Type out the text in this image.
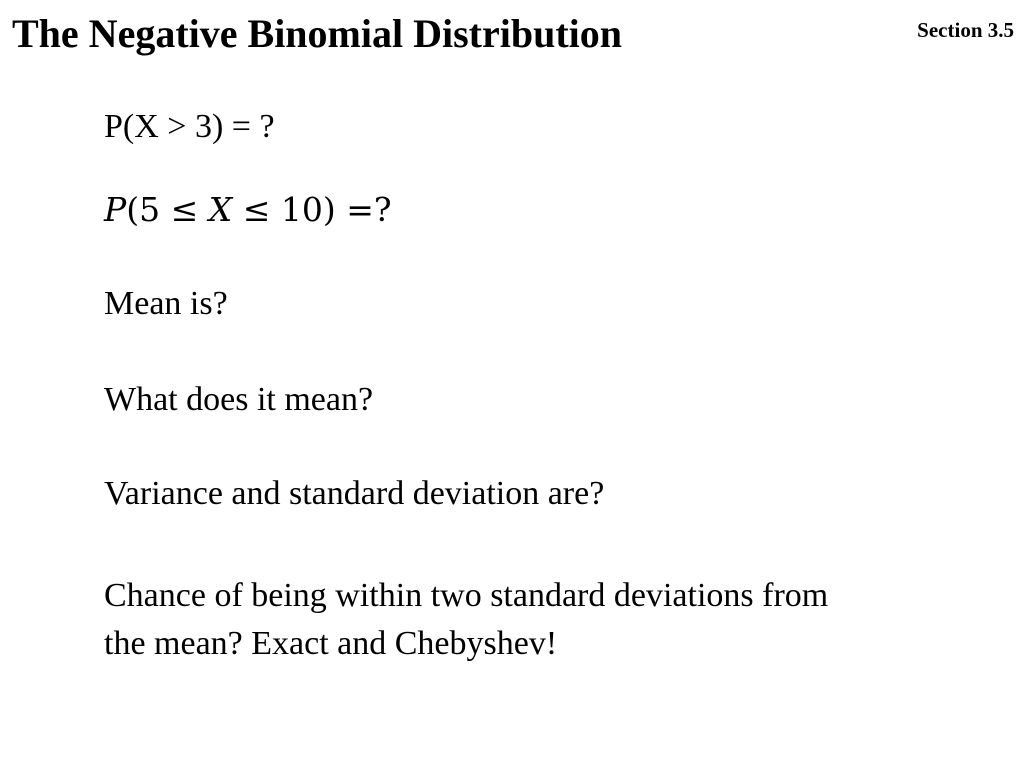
The Negative Binomial Distribution	Section 3.5
P(X > 3) = ?
P(5 ≤ X ≤ 10) =?
Mean is?
What does it mean?
Variance and standard deviation are?
Chance of being within two standard deviations from
the mean? Exact and Chebyshev!
